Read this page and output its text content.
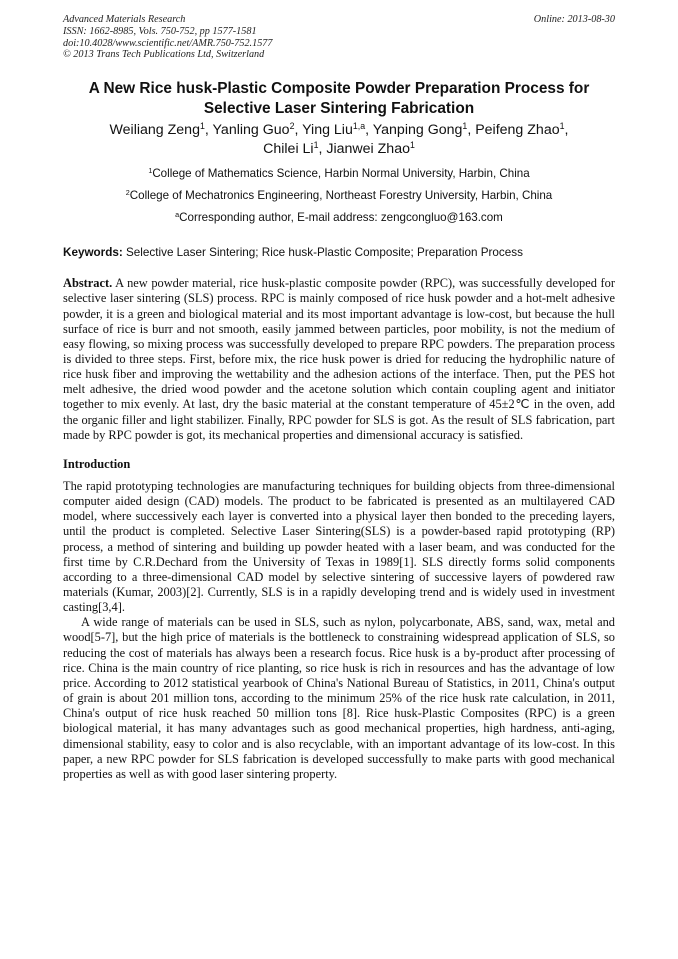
Advanced Materials Research
ISSN: 1662-8985, Vols. 750-752, pp 1577-1581
doi:10.4028/www.scientific.net/AMR.750-752.1577
© 2013 Trans Tech Publications Ltd, Switzerland
Online: 2013-08-30
A New Rice husk-Plastic Composite Powder Preparation Process for
Selective Laser Sintering Fabrication
Weiliang Zeng$^1$, Yanling Guo$^2$, Ying Liu$^{1,a}$, Yanping Gong$^1$, Peifeng Zhao$^1$,
Chilei Li$^1$, Jianwei Zhao$^1$
$^1$College of Mathematics Science, Harbin Normal University, Harbin, China
$^2$College of Mechatronics Engineering, Northeast Forestry University, Harbin, China
$^a$Corresponding author, E-mail address: zengcongluo@163.com
Keywords: Selective Laser Sintering; Rice husk-Plastic Composite; Preparation Process
Abstract. A new powder material, rice husk-plastic composite powder (RPC), was successfully developed for selective laser sintering (SLS) process. RPC is mainly composed of rice husk powder and a hot-melt adhesive powder, it is a green and biological material and its most important advantage is low-cost, but because the hull surface of rice is burr and not smooth, easily jammed between particles, poor mobility, is not the medium of easy flowing, so mixing process was successfully developed to prepare RPC powders. The preparation process is divided to three steps. First, before mix, the rice husk power is dried for reducing the hydrophilic nature of rice husk fiber and improving the wettability and the adhesion actions of the interface. Then, put the PES hot melt adhesive, the dried wood powder and the acetone solution which contain coupling agent and initiator together to mix evenly. At last, dry the basic material at the constant temperature of 45±2℃ in the oven, add the organic filler and light stabilizer. Finally, RPC powder for SLS is got. As the result of SLS fabrication, part made by RPC powder is got, its mechanical properties and dimensional accuracy is satisfied.
Introduction
The rapid prototyping technologies are manufacturing techniques for building objects from three-dimensional computer aided design (CAD) models. The product to be fabricated is presented as an multilayered CAD model, where successively each layer is converted into a physical layer then bonded to the preceding layers, until the product is completed. Selective Laser Sintering(SLS) is a powder-based rapid prototyping (RP) process, a method of sintering and building up powder heated with a laser beam, and was conducted for the first time by C.R.Dechard from the University of Texas in 1989[1]. SLS directly forms solid components according to a three-dimensional CAD model by selective sintering of successive layers of powdered raw materials (Kumar, 2003)[2]. Currently, SLS is in a rapidly developing trend and is widely used in investment casting[3,4].
A wide range of materials can be used in SLS, such as nylon, polycarbonate, ABS, sand, wax, metal and wood[5-7], but the high price of materials is the bottleneck to constraining widespread application of SLS, so reducing the cost of materials has always been a research focus. Rice husk is a by-product after processing of rice. China is the main country of rice planting, so rice husk is rich in resources and has the advantage of low price. According to 2012 statistical yearbook of China's National Bureau of Statistics, in 2011, China's output of grain is about 201 million tons, according to the minimum 25% of the rice husk rate calculation, in 2011, China's output of rice husk reached 50 million tons [8]. Rice husk-Plastic Composites (RPC) is a green biological material, it has many advantages such as good mechanical properties, high hardness, anti-aging, dimensional stability, easy to color and is also recyclable, with an important advantage of its low-cost. In this paper, a new RPC powder for SLS fabrication is developed successfully to make parts with good mechanical properties as well as with good laser sintering property.
